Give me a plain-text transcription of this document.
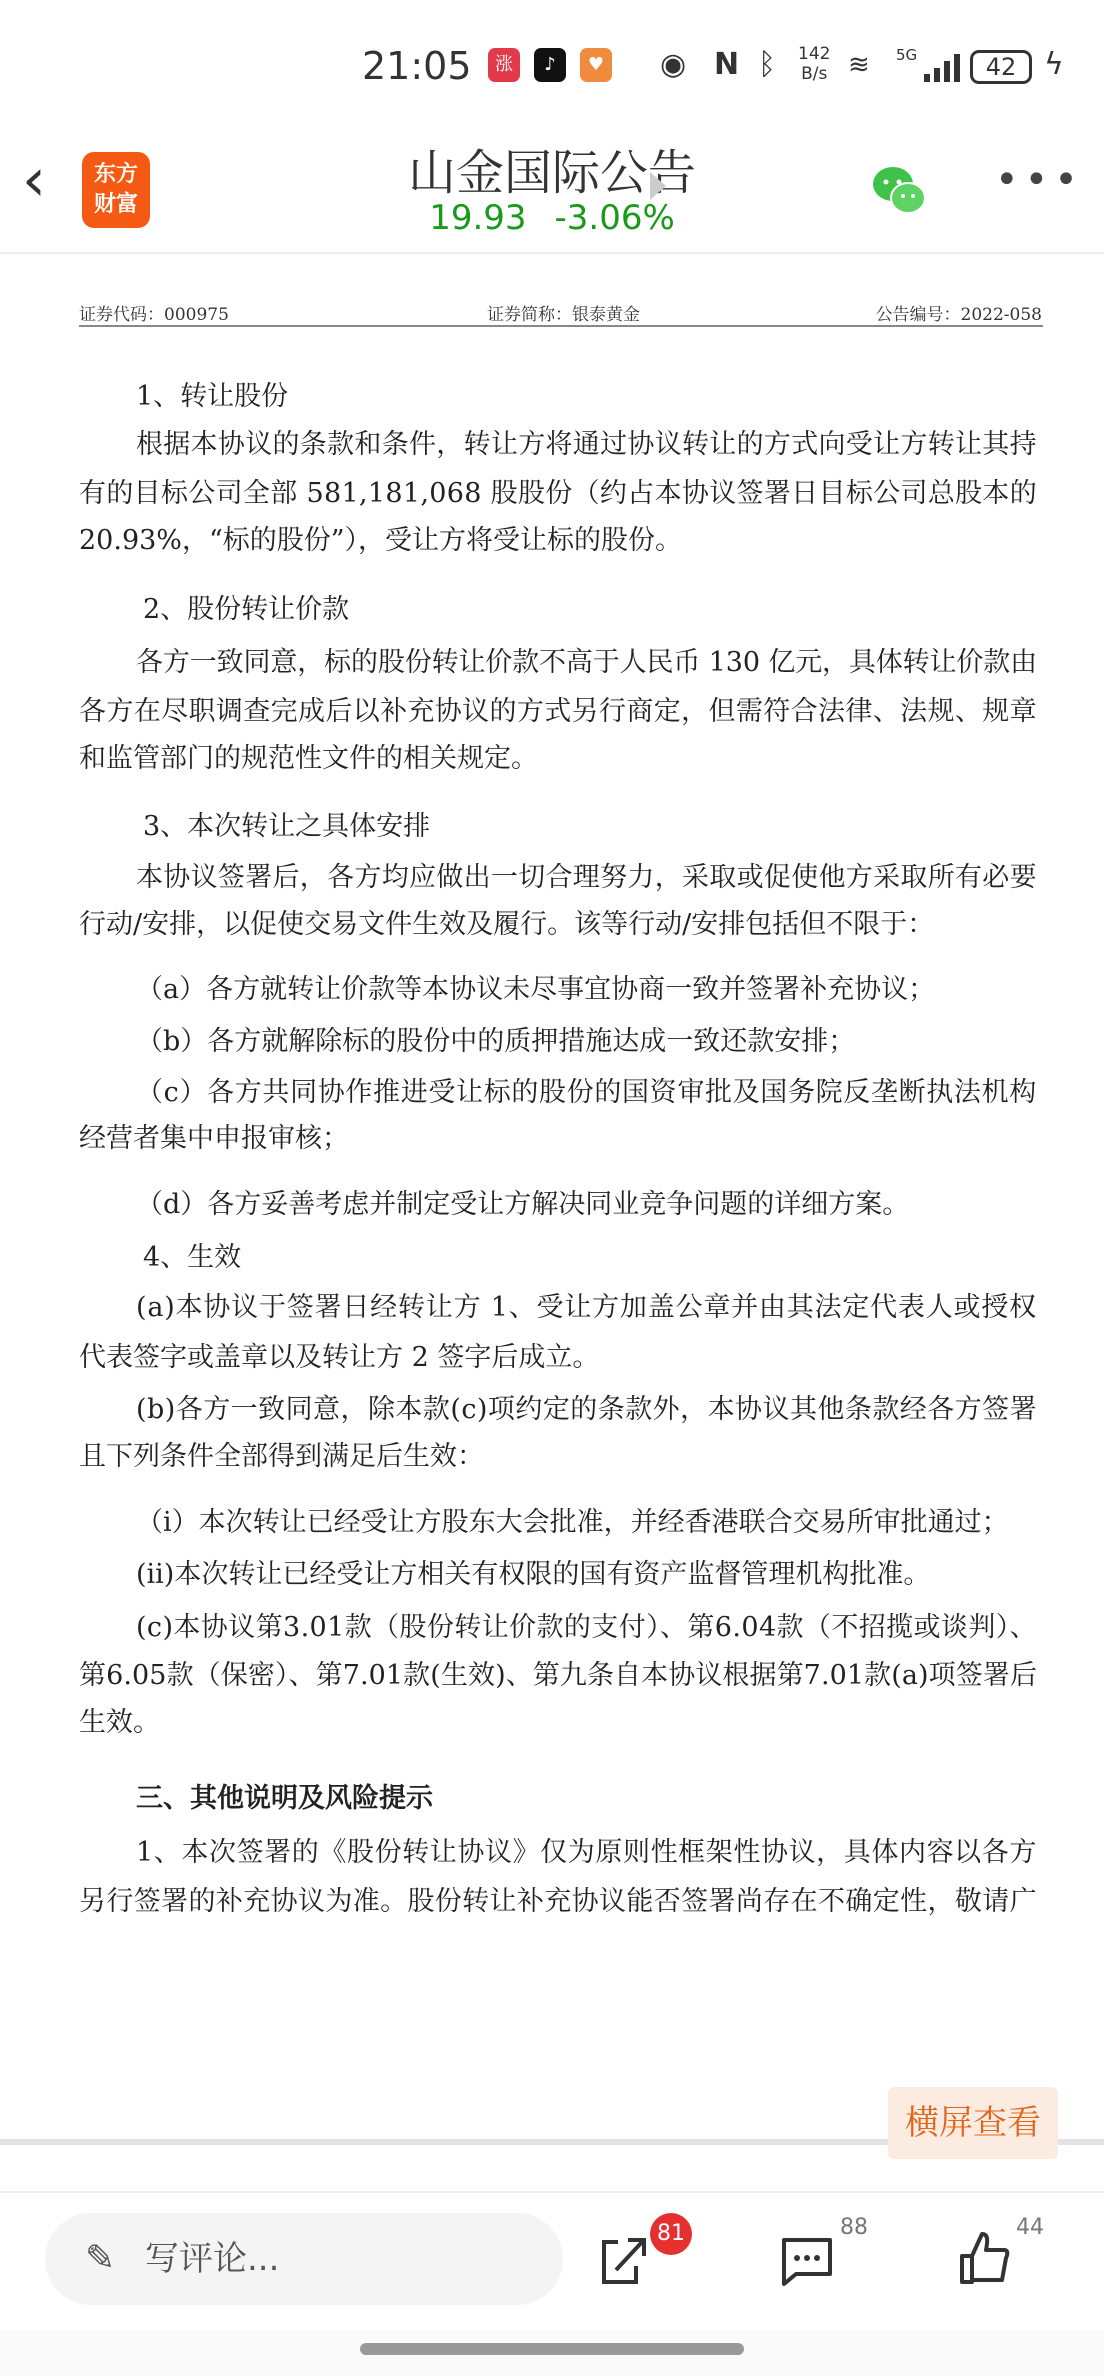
21:05	涨	♪	♥ ◉ N ᛒ 142
B/s ≋ 5G	42 ϟ
‹	东方
财富
山金国际公告
19.93 -3.06%
•••
证券代码：000975	证券简称：银泰黄金	公告编号：2022-058
1、转让股份
根据本协议的条款和条件，转让方将通过协议转让的方式向受让方转让其持
有的目标公司全部 581,181,068 股股份（约占本协议签署日目标公司总股本的
20.93%，“标的股份”），受让方将受让标的股份。
2、股份转让价款
各方一致同意，标的股份转让价款不高于人民币 130 亿元，具体转让价款由
各方在尽职调查完成后以补充协议的方式另行商定，但需符合法律、法规、规章
和监管部门的规范性文件的相关规定。
3、本次转让之具体安排
本协议签署后，各方均应做出一切合理努力，采取或促使他方采取所有必要
行动/安排，以促使交易文件生效及履行。该等行动/安排包括但不限于：
（a）各方就转让价款等本协议未尽事宜协商一致并签署补充协议；
（b）各方就解除标的股份中的质押措施达成一致还款安排；
（c）各方共同协作推进受让标的股份的国资审批及国务院反垄断执法机构
经营者集中申报审核；
（d）各方妥善考虑并制定受让方解决同业竞争问题的详细方案。
4、生效
(a)本协议于签署日经转让方 1、受让方加盖公章并由其法定代表人或授权
代表签字或盖章以及转让方 2 签字后成立。
(b)各方一致同意，除本款(c)项约定的条款外，本协议其他条款经各方签署
且下列条件全部得到满足后生效：
（i）本次转让已经受让方股东大会批准，并经香港联合交易所审批通过；
(ii)本次转让已经受让方相关有权限的国有资产监督管理机构批准。
(c)本协议第3.01款（股份转让价款的支付）、第6.04款（不招揽或谈判）、
第6.05款（保密）、第7.01款(生效)、第九条自本协议根据第7.01款(a)项签署后
生效。
三、其他说明及风险提示
1、本次签署的《股份转让协议》仅为原则性框架性协议，具体内容以各方
另行签署的补充协议为准。股份转让补充协议能否签署尚存在不确定性，敬请广
横屏查看
✎ 写评论...
81	88	44
